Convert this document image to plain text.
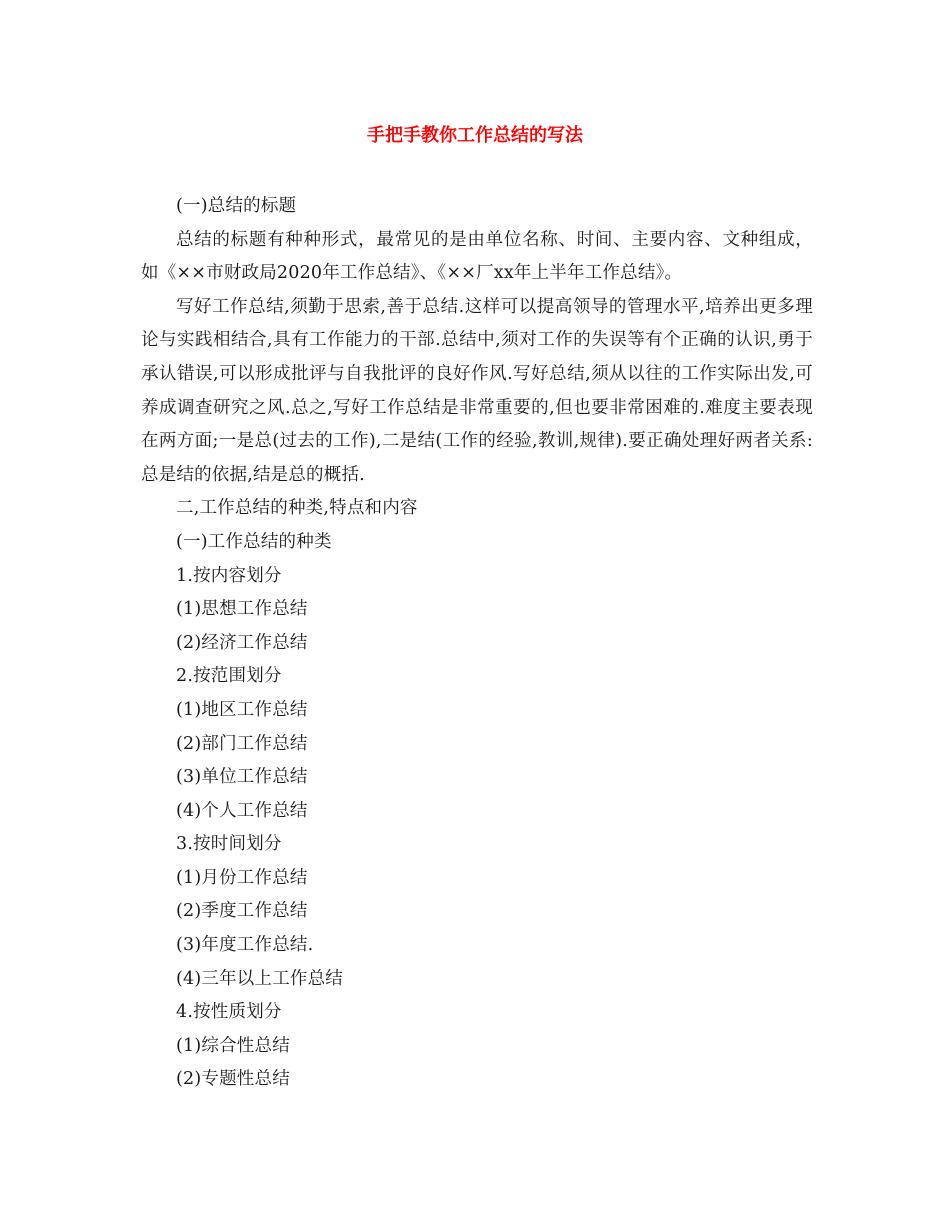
手把手教你工作总结的写法

(一)总结的标题

总结的标题有种种形式，最常见的是由单位名称、时间、主要内容、文种组成，如《××市财政局2020年工作总结》、《××厂xx年上半年工作总结》。

写好工作总结,须勤于思索,善于总结.这样可以提高领导的管理水平,培养出更多理论与实践相结合,具有工作能力的干部.总结中,须对工作的失误等有个正确的认识,勇于承认错误,可以形成批评与自我批评的良好作风.写好总结,须从以往的工作实际出发,可养成调查研究之风.总之,写好工作总结是非常重要的,但也要非常困难的.难度主要表现在两方面;一是总(过去的工作),二是结(工作的经验,教训,规律).要正确处理好两者关系:总是结的依据,结是总的概括.

二,工作总结的种类,特点和内容

(一)工作总结的种类

1.按内容划分

(1)思想工作总结

(2)经济工作总结

2.按范围划分

(1)地区工作总结

(2)部门工作总结

(3)单位工作总结

(4)个人工作总结

3.按时间划分

(1)月份工作总结

(2)季度工作总结

(3)年度工作总结.

(4)三年以上工作总结

4.按性质划分

(1)综合性总结

(2)专题性总结
